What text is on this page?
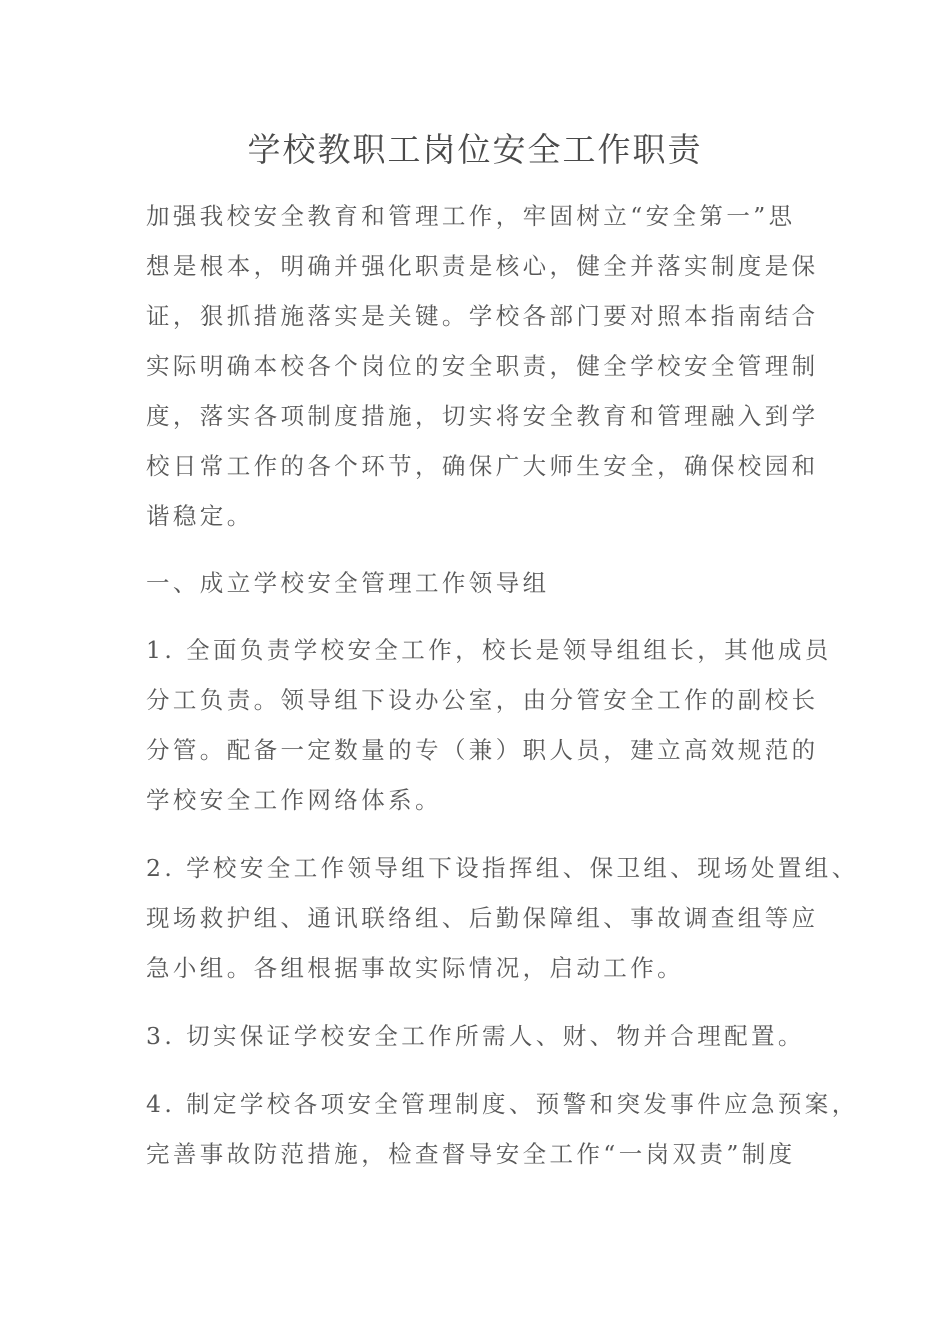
学校教职工岗位安全工作职责
加强我校安全教育和管理工作，牢固树立“安全第一”思
想是根本，明确并强化职责是核心，健全并落实制度是保
证，狠抓措施落实是关键。学校各部门要对照本指南结合
实际明确本校各个岗位的安全职责，健全学校安全管理制
度，落实各项制度措施，切实将安全教育和管理融入到学
校日常工作的各个环节，确保广大师生安全，确保校园和
谐稳定。
一、成立学校安全管理工作领导组
1. 全面负责学校安全工作，校长是领导组组长，其他成员
分工负责。领导组下设办公室，由分管安全工作的副校长
分管。配备一定数量的专（兼）职人员，建立高效规范的
学校安全工作网络体系。
2. 学校安全工作领导组下设指挥组、保卫组、现场处置组、
现场救护组、通讯联络组、后勤保障组、事故调查组等应
急小组。各组根据事故实际情况，启动工作。
3. 切实保证学校安全工作所需人、财、物并合理配置。
4. 制定学校各项安全管理制度、预警和突发事件应急预案，
完善事故防范措施，检查督导安全工作“一岗双责”制度
